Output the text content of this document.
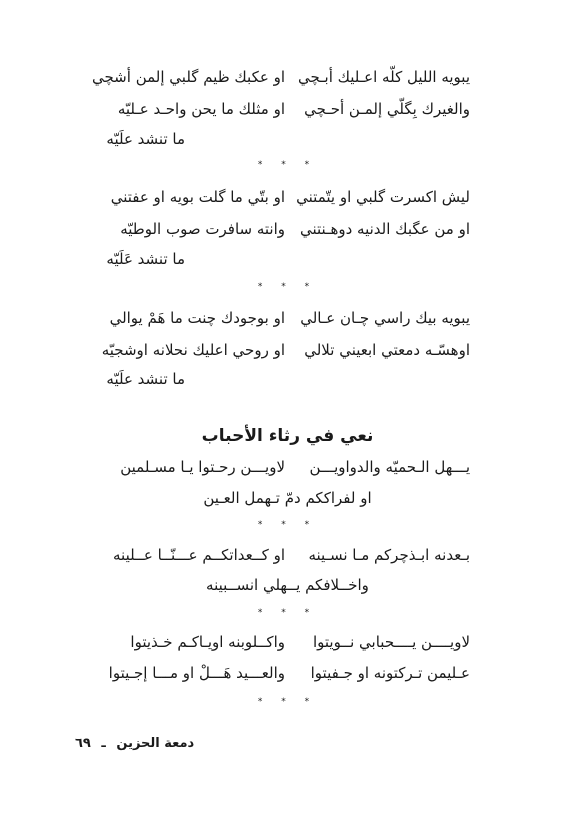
يبويه الليل كلّه اعـليك أبـچي
او عكبك ظيم گلبي إلمن أشچي
والغيرك بِگلّي إلمـن أحـچي
او مثلك ما يحن واحـد عـليّه
ما تنشد علَيّه
* * *
ليش اكسرت گلبي او يتّمتني
او بتّي ما گلت بويه او عفتني
او من عگبك الدنيه دوهـنتني
وانته سافرت صوب الوطيّه
ما تنشد عَلَيّه
* * *
يبويه بيك راسي چـان عـالي
او بوجودك چنت ما هَمْ يوالي
اوهسّـه دمعتي ابعيني تلالي
او روحي اعليك نحلانه اوشجيّه
ما تنشد علَيّه
نعي في رثاء الأحباب
يـــهل الـحميّه والدواويـــن
لاويـــن رحـتوا يـا مسـلمين
او لفراككم دمّ تـهمل العـين
* * *
بـعدنه ابـذچركم مـا نسـينه
او كــعداتكــم عـــنّــا عــلينه
واخــلافكم يــهلي انســبينه
* * *
لاويــــن يــــحبابي نــويتوا
واكــلوبنه اويـاكـم خـذيتوا
عـليمن تـركتونه او جـفيتوا
والعـــيد هَـــلْ او مـــا إجـيتوا
* * *
دمعة الحزين ـ ٦٩
